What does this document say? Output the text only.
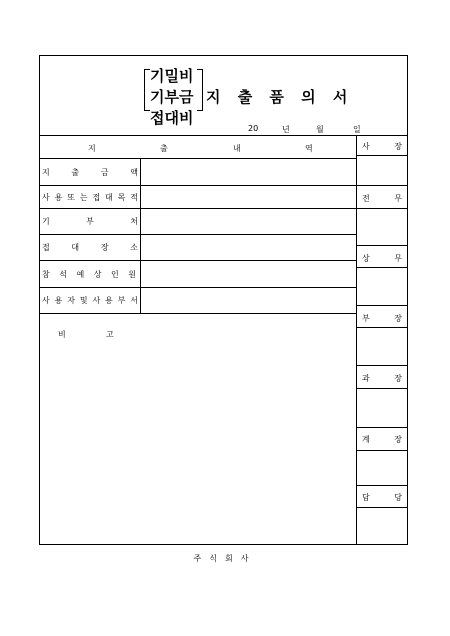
기밀비
기부금
접대비
지 출 품 의 서
20	년	월	일
지	출	내	역
지	출	금	액
사 용 또 는 접 대 목 적
기	부	처
접	대	장	소
참 석 예 상 인 원
사 용 자 및 사 용 부 서
비	고
사	장
전	무
상	무
부	장
과	장
계	장
담	당
주식회사
